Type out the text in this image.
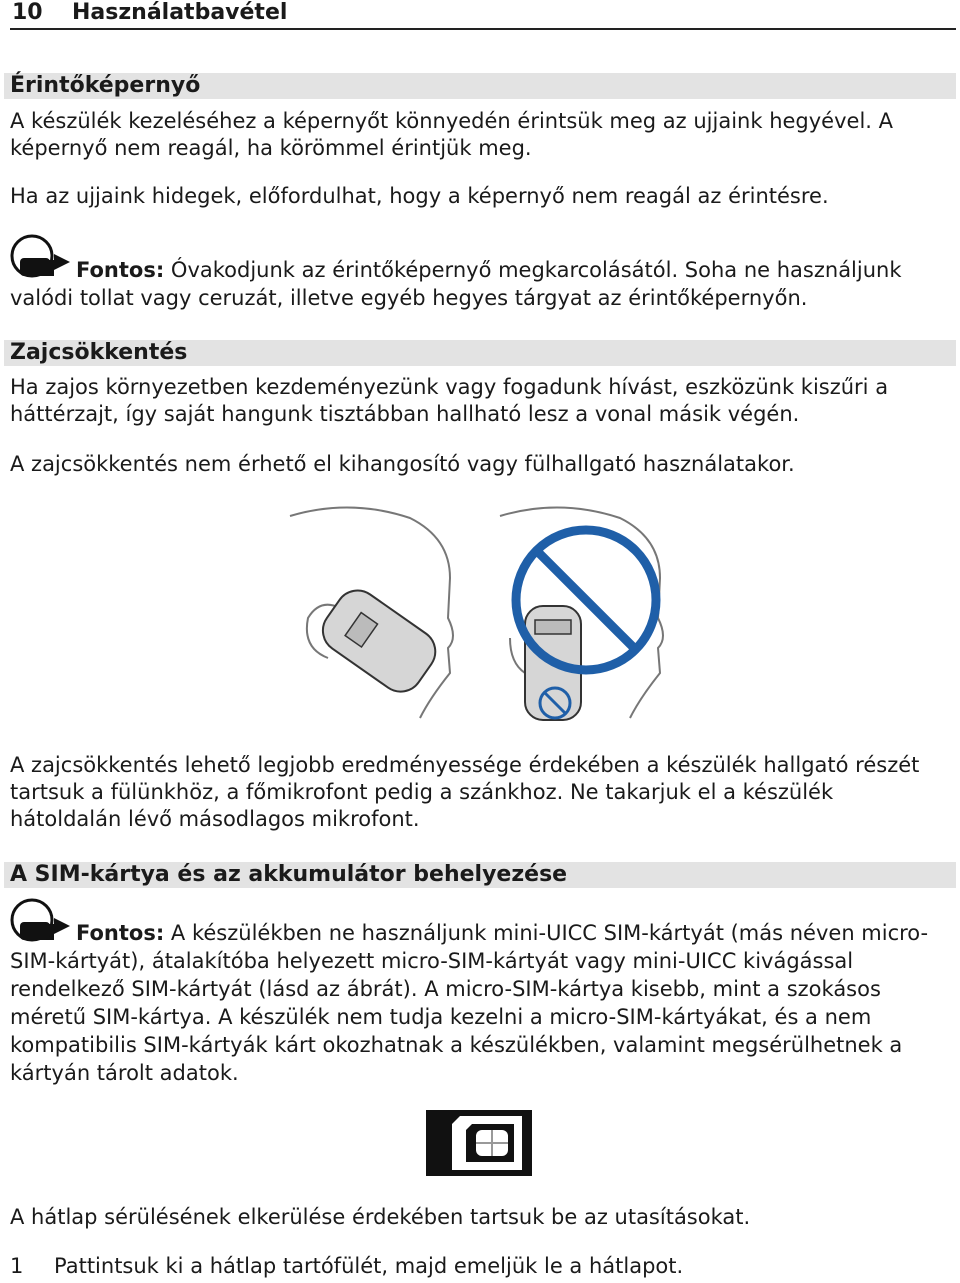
10 Használatbavétel
Érintőképernyő

A készülék kezeléséhez a képernyőt könnyedén érintsük meg az ujjaink hegyével. A képernyő nem reagál, ha körömmel érintjük meg.

Ha az ujjaink hidegek, előfordulhat, hogy a képernyő nem reagál az érintésre.

Fontos: Óvakodjunk az érintőképernyő megkarcolásától. Soha ne használjunk valódi tollat vagy ceruzát, illetve egyéb hegyes tárgyat az érintőképernyőn.
Zajcsökkentés

Ha zajos környezetben kezdeményezünk vagy fogadunk hívást, eszközünk kiszűri a háttérzajt, így saját hangunk tisztábban hallható lesz a vonal másik végén.

A zajcsökkentés nem érhető el kihangosító vagy fülhallgató használatakor.

A zajcsökkentés lehető legjobb eredményessége érdekében a készülék hallgató részét tartsuk a fülünkhöz, a főmikrofont pedig a szánkhoz. Ne takarjuk el a készülék hátoldalán lévő másodlagos mikrofont.

A SIM-kártya és az akkumulátor behelyezése
Fontos: A készülékben ne használjunk mini-UICC SIM-kártyát (más néven micro-SIM-kártyát), átalakítóba helyezett micro-SIM-kártyát vagy mini-UICC kivágással rendelkező SIM-kártyát (lásd az ábrát). A micro-SIM-kártya kisebb, mint a szokásos méretű SIM-kártya. A készülék nem tudja kezelni a micro-SIM-kártyákat, és a nem kompatibilis SIM-kártyák kárt okozhatnak a készülékben, valamint megsérülhetnek a kártyán tárolt adatok.

A hátlap sérülésének elkerülése érdekében tartsuk be az utasításokat.

1 Pattintsuk ki a hátlap tartófülét, majd emeljük le a hátlapot.
